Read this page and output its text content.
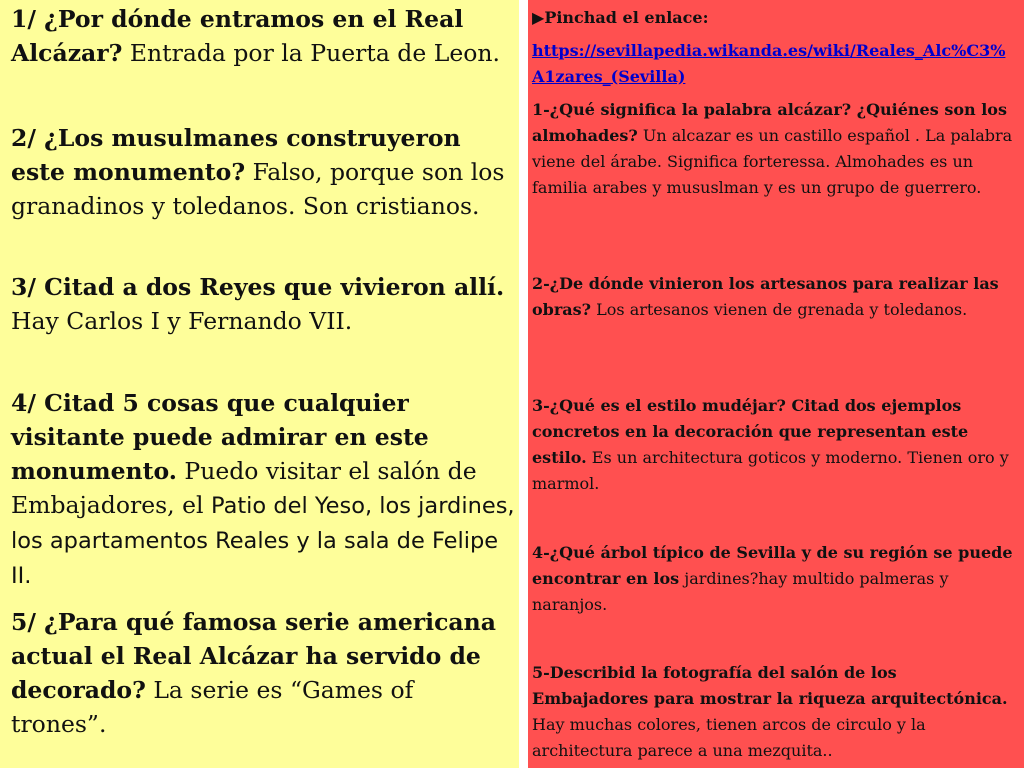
1/ ¿Por dónde entramos en el Real Alcázar? Entrada por la Puerta de Leon.
2/ ¿Los musulmanes construyeron este monumento? Falso, porque son los granadinos y toledanos. Son cristianos.
3/ Citad a dos Reyes que vivieron allí. Hay Carlos I y Fernando VII.
4/ Citad 5 cosas que cualquier visitante puede admirar en este monumento. Puedo visitar el salón de Embajadores, el Patio del Yeso, los jardines, los apartamentos Reales y la sala de Felipe II.
5/ ¿Para qué famosa serie americana actual el Real Alcázar ha servido de decorado? La serie es “Games of trones”.
▶Pinchad el enlace:
https://sevillapedia.wikanda.es/wiki/Reales_Alc%C3%A1zares_(Sevilla)
1-¿Qué significa la palabra alcázar? ¿Quiénes son los almohades? Un alcazar es un castillo español . La palabra viene del árabe. Significa forteressa. Almohades es un familia arabes y mususlman y es un grupo de guerrero.
2-¿De dónde vinieron los artesanos para realizar las obras? Los artesanos vienen de grenada y toledanos.
3-¿Qué es el estilo mudéjar? Citad dos ejemplos concretos en la decoración que representan este estilo. Es un architectura goticos y moderno. Tienen oro y marmol.
4-¿Qué árbol típico de Sevilla y de su región se puede encontrar en los jardines?hay multido palmeras y naranjos.
5-Describid la fotografía del salón de los Embajadores para mostrar la riqueza arquitectónica. Hay muchas colores, tienen arcos de circulo y la architectura parece a una mezquita..
